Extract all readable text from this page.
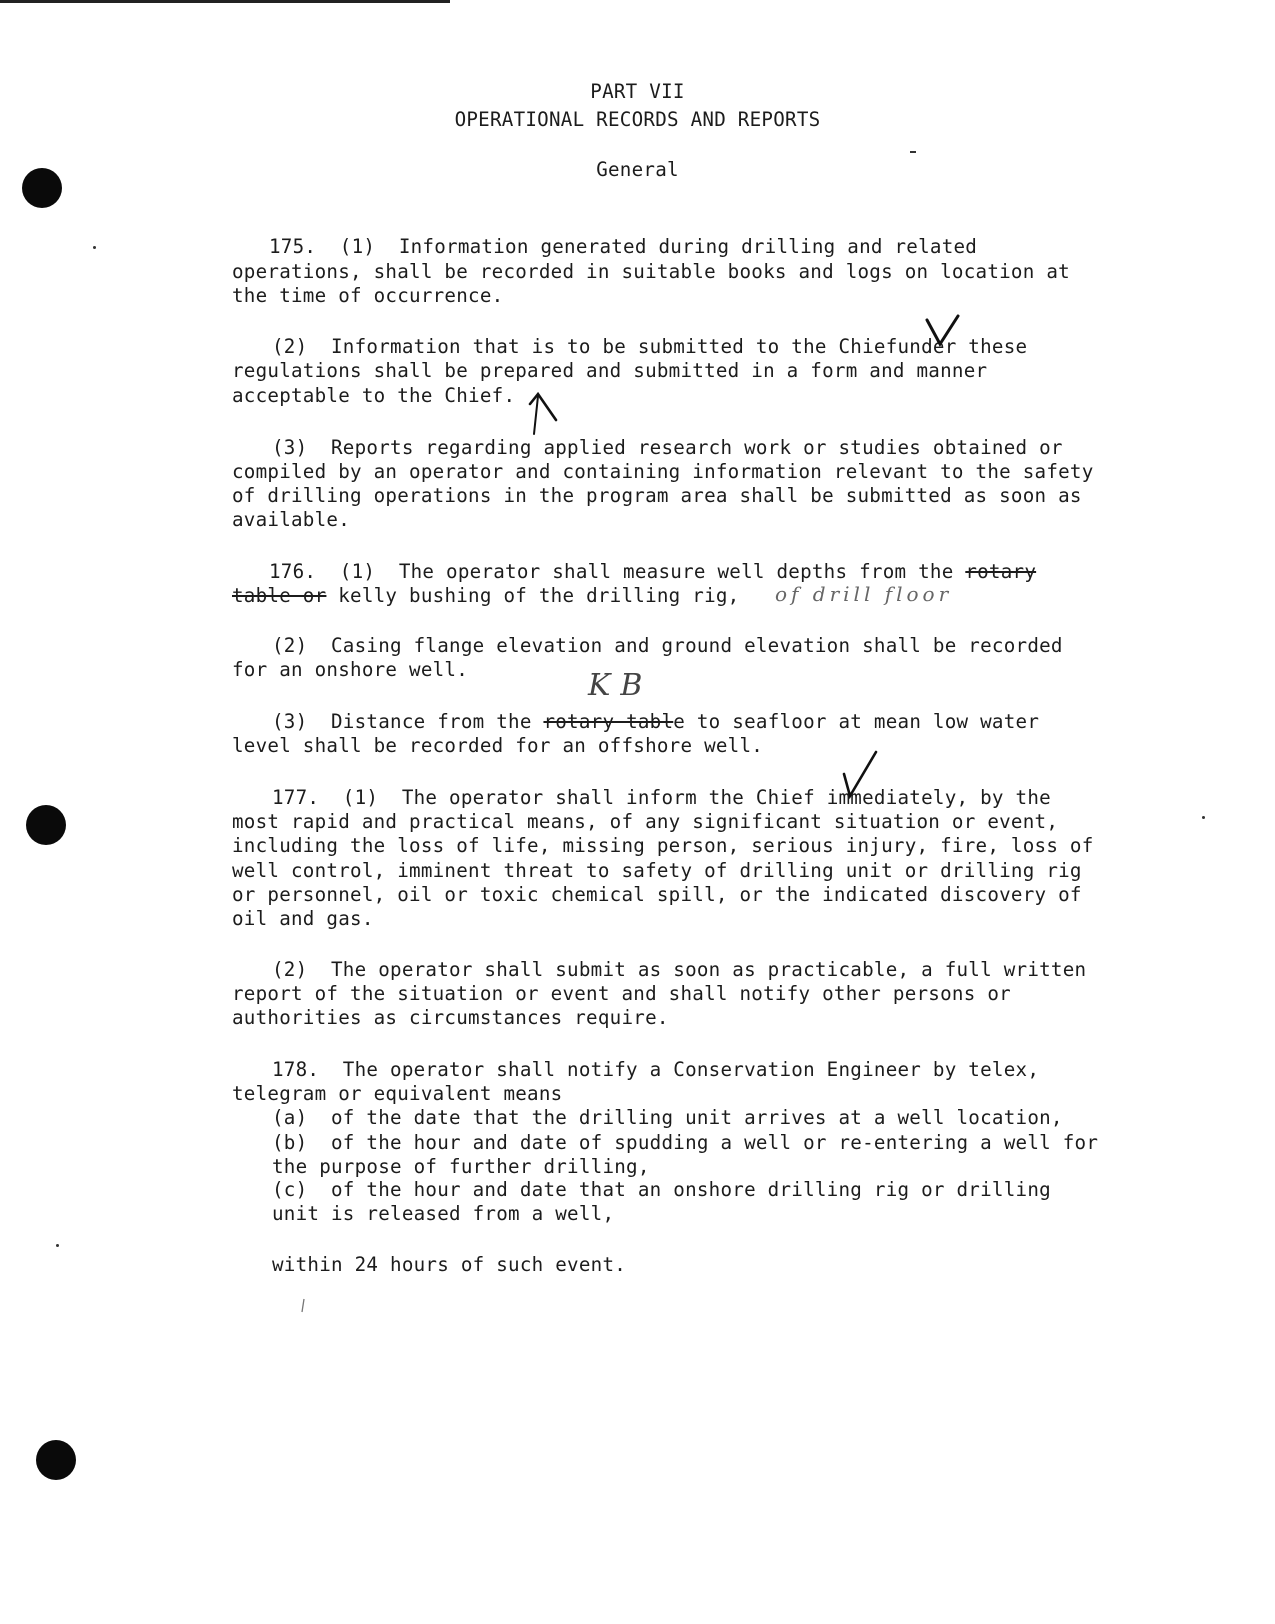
PART VII
OPERATIONAL RECORDS AND REPORTS
General
175.  (1)  Information generated during drilling and related
operations, shall be recorded in suitable books and logs on location at
the time of occurrence.
(2)  Information that is to be submitted to the Chiefunder these
regulations shall be prepared and submitted in a form and manner
acceptable to the Chief.
(3)  Reports regarding applied research work or studies obtained or
compiled by an operator and containing information relevant to the safety
of drilling operations in the program area shall be submitted as soon as
available.
176.  (1)  The operator shall measure well depths from the rotary
table or kelly bushing of the drilling rig, of drill floor
(2)  Casing flange elevation and ground elevation shall be recorded
for an onshore well.	KB
(3)  Distance from the rotary table to seafloor at mean low water
level shall be recorded for an offshore well.
177.  (1)  The operator shall inform the Chief immediately, by the
most rapid and practical means, of any significant situation or event,
including the loss of life, missing person, serious injury, fire, loss of
well control, imminent threat to safety of drilling unit or drilling rig
or personnel, oil or toxic chemical spill, or the indicated discovery of
oil and gas.
(2)  The operator shall submit as soon as practicable, a full written
report of the situation or event and shall notify other persons or
authorities as circumstances require.
178.  The operator shall notify a Conservation Engineer by telex,
telegram or equivalent means
(a)  of the date that the drilling unit arrives at a well location,
(b)  of the hour and date of spudding a well or re-entering a well for
the purpose of further drilling,
(c)  of the hour and date that an onshore drilling rig or drilling
unit is released from a well,
within 24 hours of such event.
